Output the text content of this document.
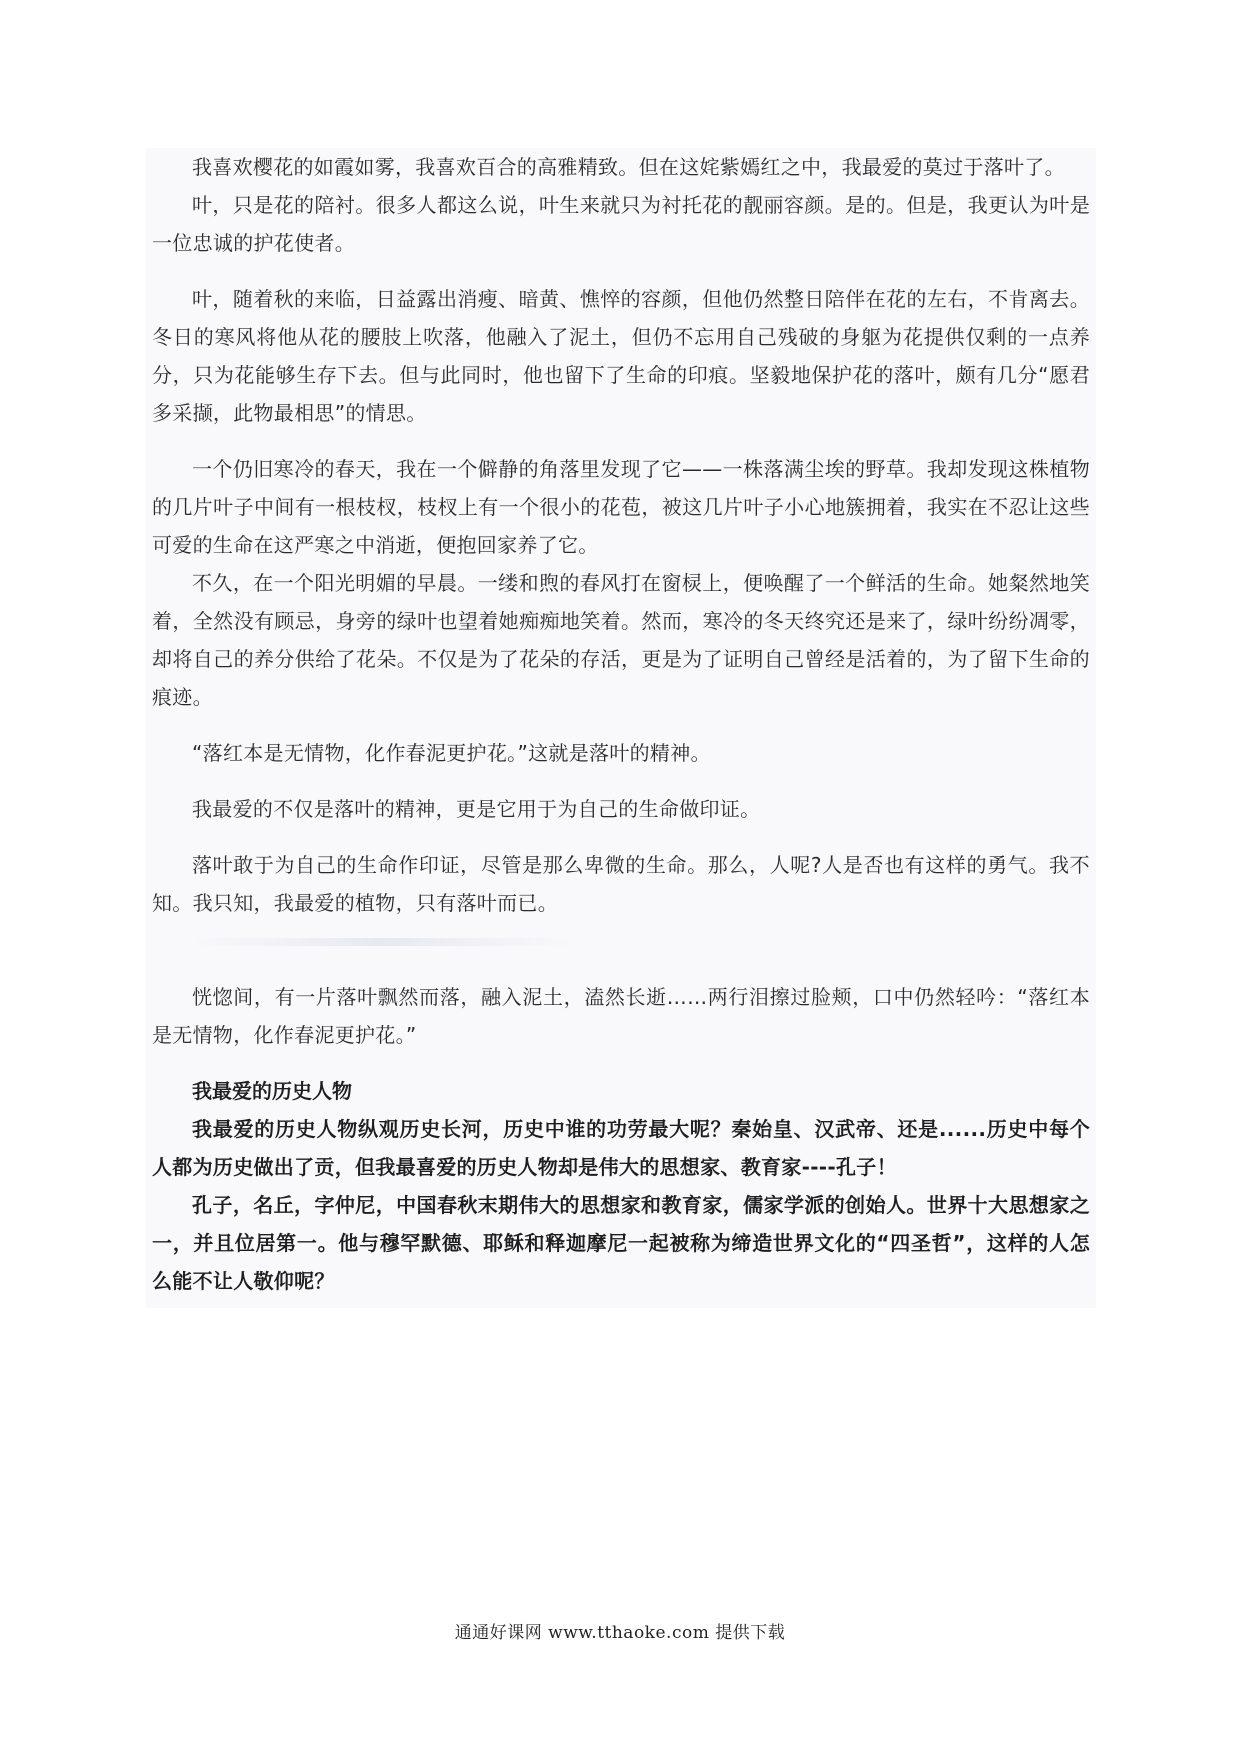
我喜欢樱花的如霞如雾，我喜欢百合的高雅精致。但在这姹紫嫣红之中，我最爱的莫过于落叶了。

叶，只是花的陪衬。很多人都这么说，叶生来就只为衬托花的靓丽容颜。是的。但是，我更认为叶是一位忠诚的护花使者。

叶，随着秋的来临，日益露出消瘦、暗黄、憔悴的容颜，但他仍然整日陪伴在花的左右，不肯离去。冬日的寒风将他从花的腰肢上吹落，他融入了泥土，但仍不忘用自己残破的身躯为花提供仅剩的一点养分，只为花能够生存下去。但与此同时，他也留下了生命的印痕。坚毅地保护花的落叶，颇有几分“愿君多采撷，此物最相思”的情思。

一个仍旧寒冷的春天，我在一个僻静的角落里发现了它——一株落满尘埃的野草。我却发现这株植物的几片叶子中间有一根枝杈，枝杈上有一个很小的花苞，被这几片叶子小心地簇拥着，我实在不忍让这些可爱的生命在这严寒之中消逝，便抱回家养了它。

不久，在一个阳光明媚的早晨。一缕和煦的春风打在窗棂上，便唤醒了一个鲜活的生命。她粲然地笑着，全然没有顾忌，身旁的绿叶也望着她痴痴地笑着。然而，寒冷的冬天终究还是来了，绿叶纷纷凋零，却将自己的养分供给了花朵。不仅是为了花朵的存活，更是为了证明自己曾经是活着的，为了留下生命的痕迹。

“落红本是无情物，化作春泥更护花。”这就是落叶的精神。

我最爱的不仅是落叶的精神，更是它用于为自己的生命做印证。

落叶敢于为自己的生命作印证，尽管是那么卑微的生命。那么，人呢?人是否也有这样的勇气。我不知。我只知，我最爱的植物，只有落叶而已。

恍惚间，有一片落叶飘然而落，融入泥土，溘然长逝……两行泪擦过脸颊，口中仍然轻吟：“落红本是无情物，化作春泥更护花。”

我最爱的历史人物

我最爱的历史人物纵观历史长河，历史中谁的功劳最大呢？秦始皇、汉武帝、还是......历史中每个人都为历史做出了贡，但我最喜爱的历史人物却是伟大的思想家、教育家----孔子！

孔子，名丘，字仲尼，中国春秋末期伟大的思想家和教育家，儒家学派的创始人。世界十大思想家之一，并且位居第一。他与穆罕默德、耶稣和释迦摩尼一起被称为缔造世界文化的“四圣哲”，这样的人怎么能不让人敬仰呢？

通通好课网 www.tthaoke.com 提供下载
